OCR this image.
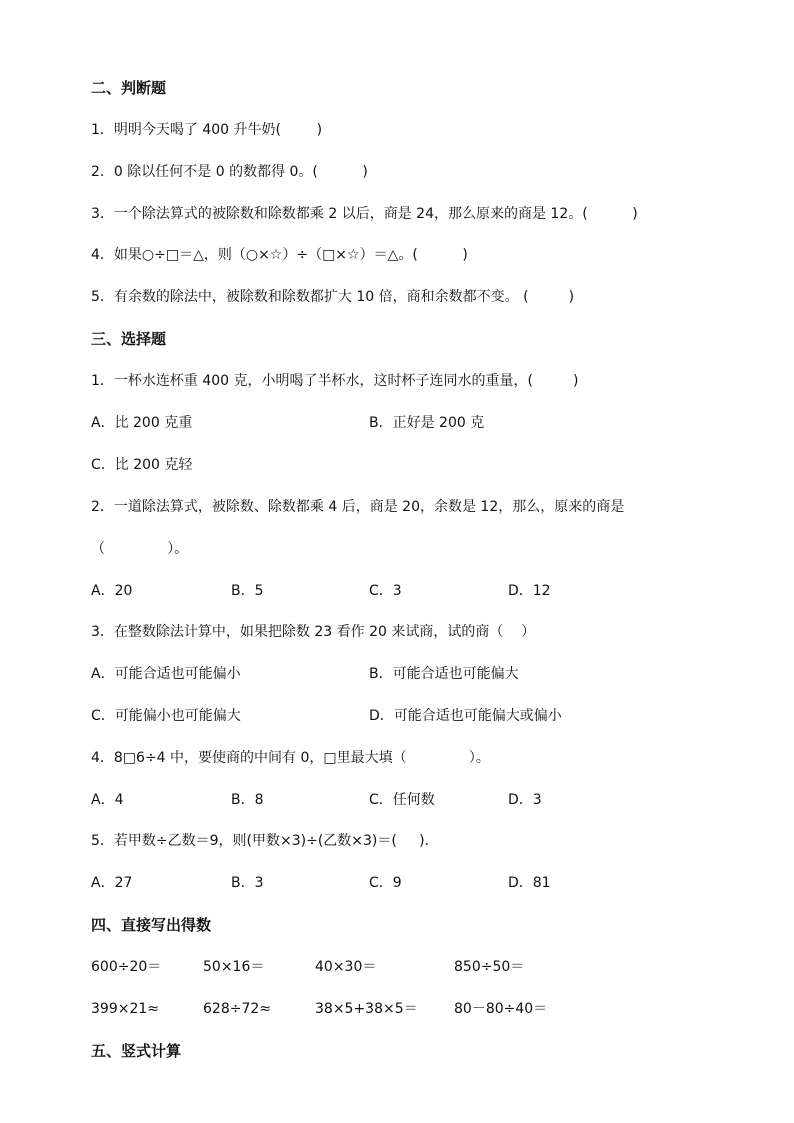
二、判断题
1．明明今天喝了 400 升牛奶(        )
2．0 除以任何不是 0 的数都得 0。(          )
3．一个除法算式的被除数和除数都乘 2 以后，商是 24，那么原来的商是 12。(          )
4．如果○÷□＝△，则（○×☆）÷（□×☆）＝△。(          )
5．有余数的除法中，被除数和除数都扩大 10 倍，商和余数都不变。 (         )
三、选择题
1．一杯水连杯重 400 克，小明喝了半杯水，这时杯子连同水的重量，(         )
A．比 200 克重	B．正好是 200 克
C．比 200 克轻
2．一道除法算式，被除数、除数都乘 4 后，商是 20，余数是 12，那么，原来的商是
（              ）。
A．20	B．5	C．3	D．12
3．在整数除法计算中，如果把除数 23 看作 20 来试商，试的商（    ）
A．可能合适也可能偏小	B．可能合适也可能偏大
C．可能偏小也可能偏大	D．可能合适也可能偏大或偏小
4．8□6÷4 中，要使商的中间有 0，□里最大填（              ）。
A．4	B．8	C．任何数	D．3
5．若甲数÷乙数＝9，则(甲数×3)÷(乙数×3)＝(     )．
A．27	B．3	C．9	D．81
四、直接写出得数
600÷20＝	50×16＝	40×30＝	850÷50＝
399×21≈	628÷72≈	38×5+38×5＝	80－80÷40＝
五、竖式计算
